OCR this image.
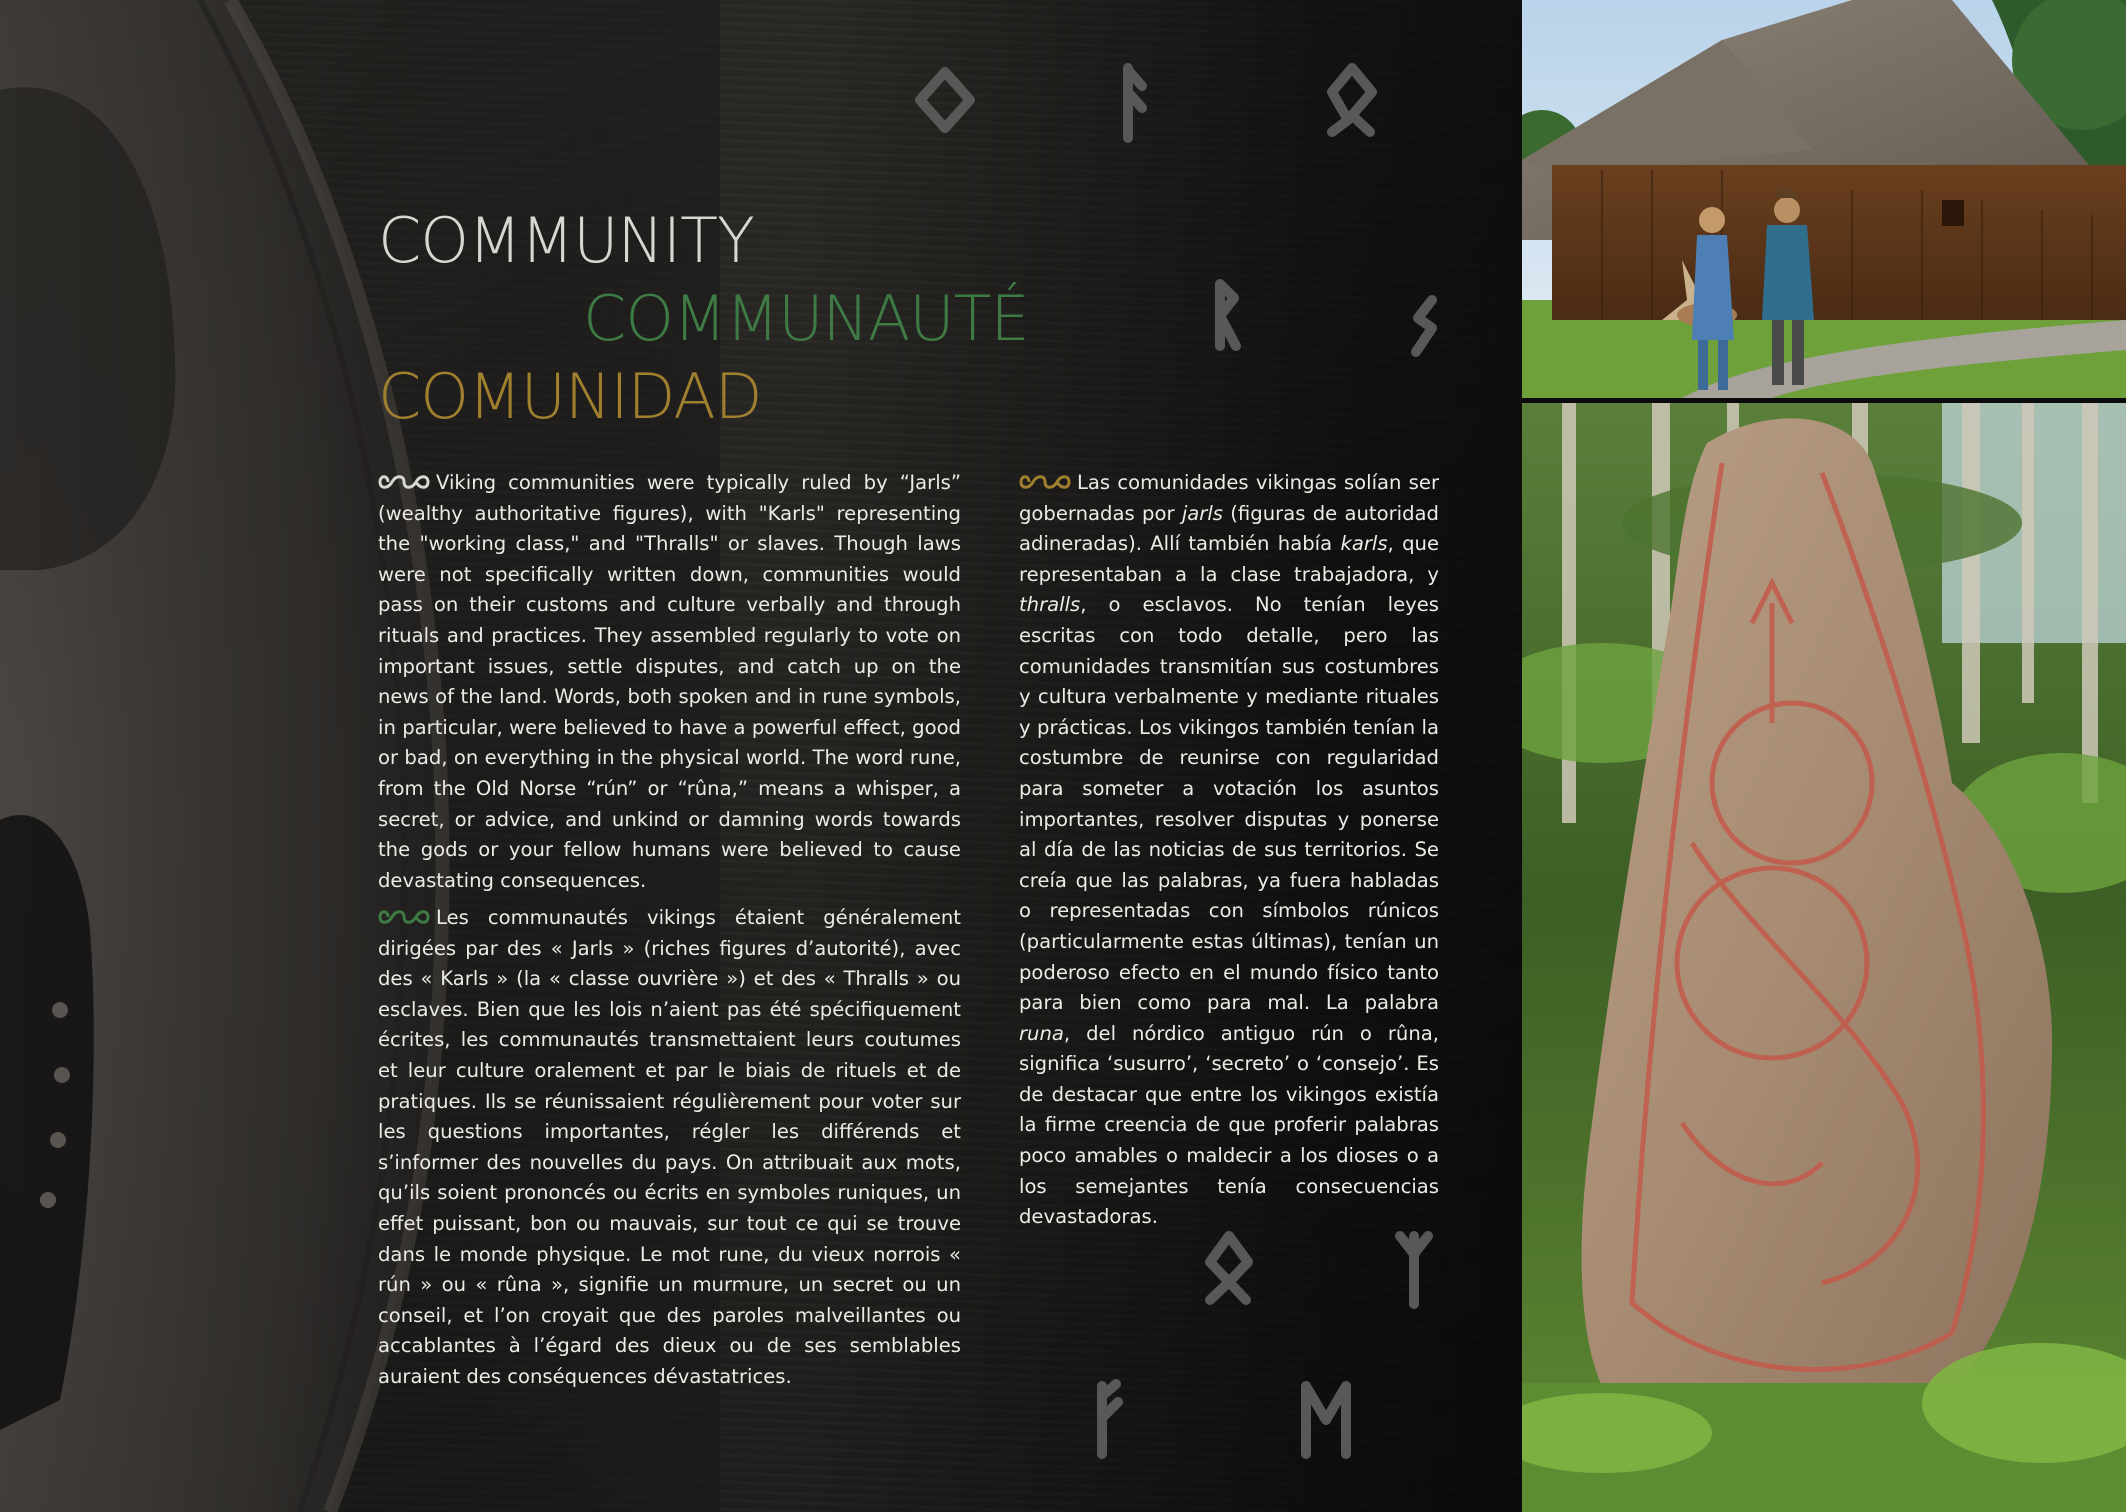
COMMUNITY
COMMUNAUTÉ
COMUNIDAD

Viking communities were typically ruled by “Jarls” (wealthy authoritative figures), with "Karls" representing the "working class," and "Thralls" or slaves. Though laws were not specifically written down, communities would pass on their customs and culture verbally and through rituals and practices. They assembled regularly to vote on important issues, settle disputes, and catch up on the news of the land. Words, both spoken and in rune symbols, in particular, were believed to have a powerful effect, good or bad, on everything in the physical world. The word rune, from the Old Norse “rún” or “rûna,” means a whisper, a secret, or advice, and unkind or damning words towards the gods or your fellow humans were believed to cause devastating consequences.

Les communautés vikings étaient généralement dirigées par des « Jarls » (riches figures d’autorité), avec des « Karls » (la « classe ouvrière ») et des « Thralls » ou esclaves. Bien que les lois n’aient pas été spécifiquement écrites, les communautés transmettaient leurs coutumes et leur culture oralement et par le biais de rituels et de pratiques. Ils se réunissaient régulièrement pour voter sur les questions importantes, régler les différends et s’informer des nouvelles du pays. On attribuait aux mots, qu’ils soient prononcés ou écrits en symboles runiques, un effet puissant, bon ou mauvais, sur tout ce qui se trouve dans le monde physique. Le mot rune, du vieux norrois « rún » ou « rûna », signifie un murmure, un secret ou un conseil, et l’on croyait que des paroles malveillantes ou accablantes à l’égard des dieux ou de ses semblables auraient des conséquences dévastatrices.

Las comunidades vikingas solían ser gobernadas por jarls (figuras de autoridad adineradas). Allí también había karls, que representaban a la clase trabajadora, y thralls, o esclavos. No tenían leyes escritas con todo detalle, pero las comunidades transmitían sus costumbres y cultura verbalmente y mediante rituales y prácticas. Los vikingos también tenían la costumbre de reunirse con regularidad para someter a votación los asuntos importantes, resolver disputas y ponerse al día de las noticias de sus territorios. Se creía que las palabras, ya fuera habladas o representadas con símbolos rúnicos (particularmente estas últimas), tenían un poderoso efecto en el mundo físico tanto para bien como para mal. La palabra runa, del nórdico antiguo rún o rûna, significa ‘susurro’, ‘secreto’ o ‘consejo’. Es de destacar que entre los vikingos existía la firme creencia de que proferir palabras poco amables o maldecir a los dioses o a los semejantes tenía consecuencias devastadoras.
